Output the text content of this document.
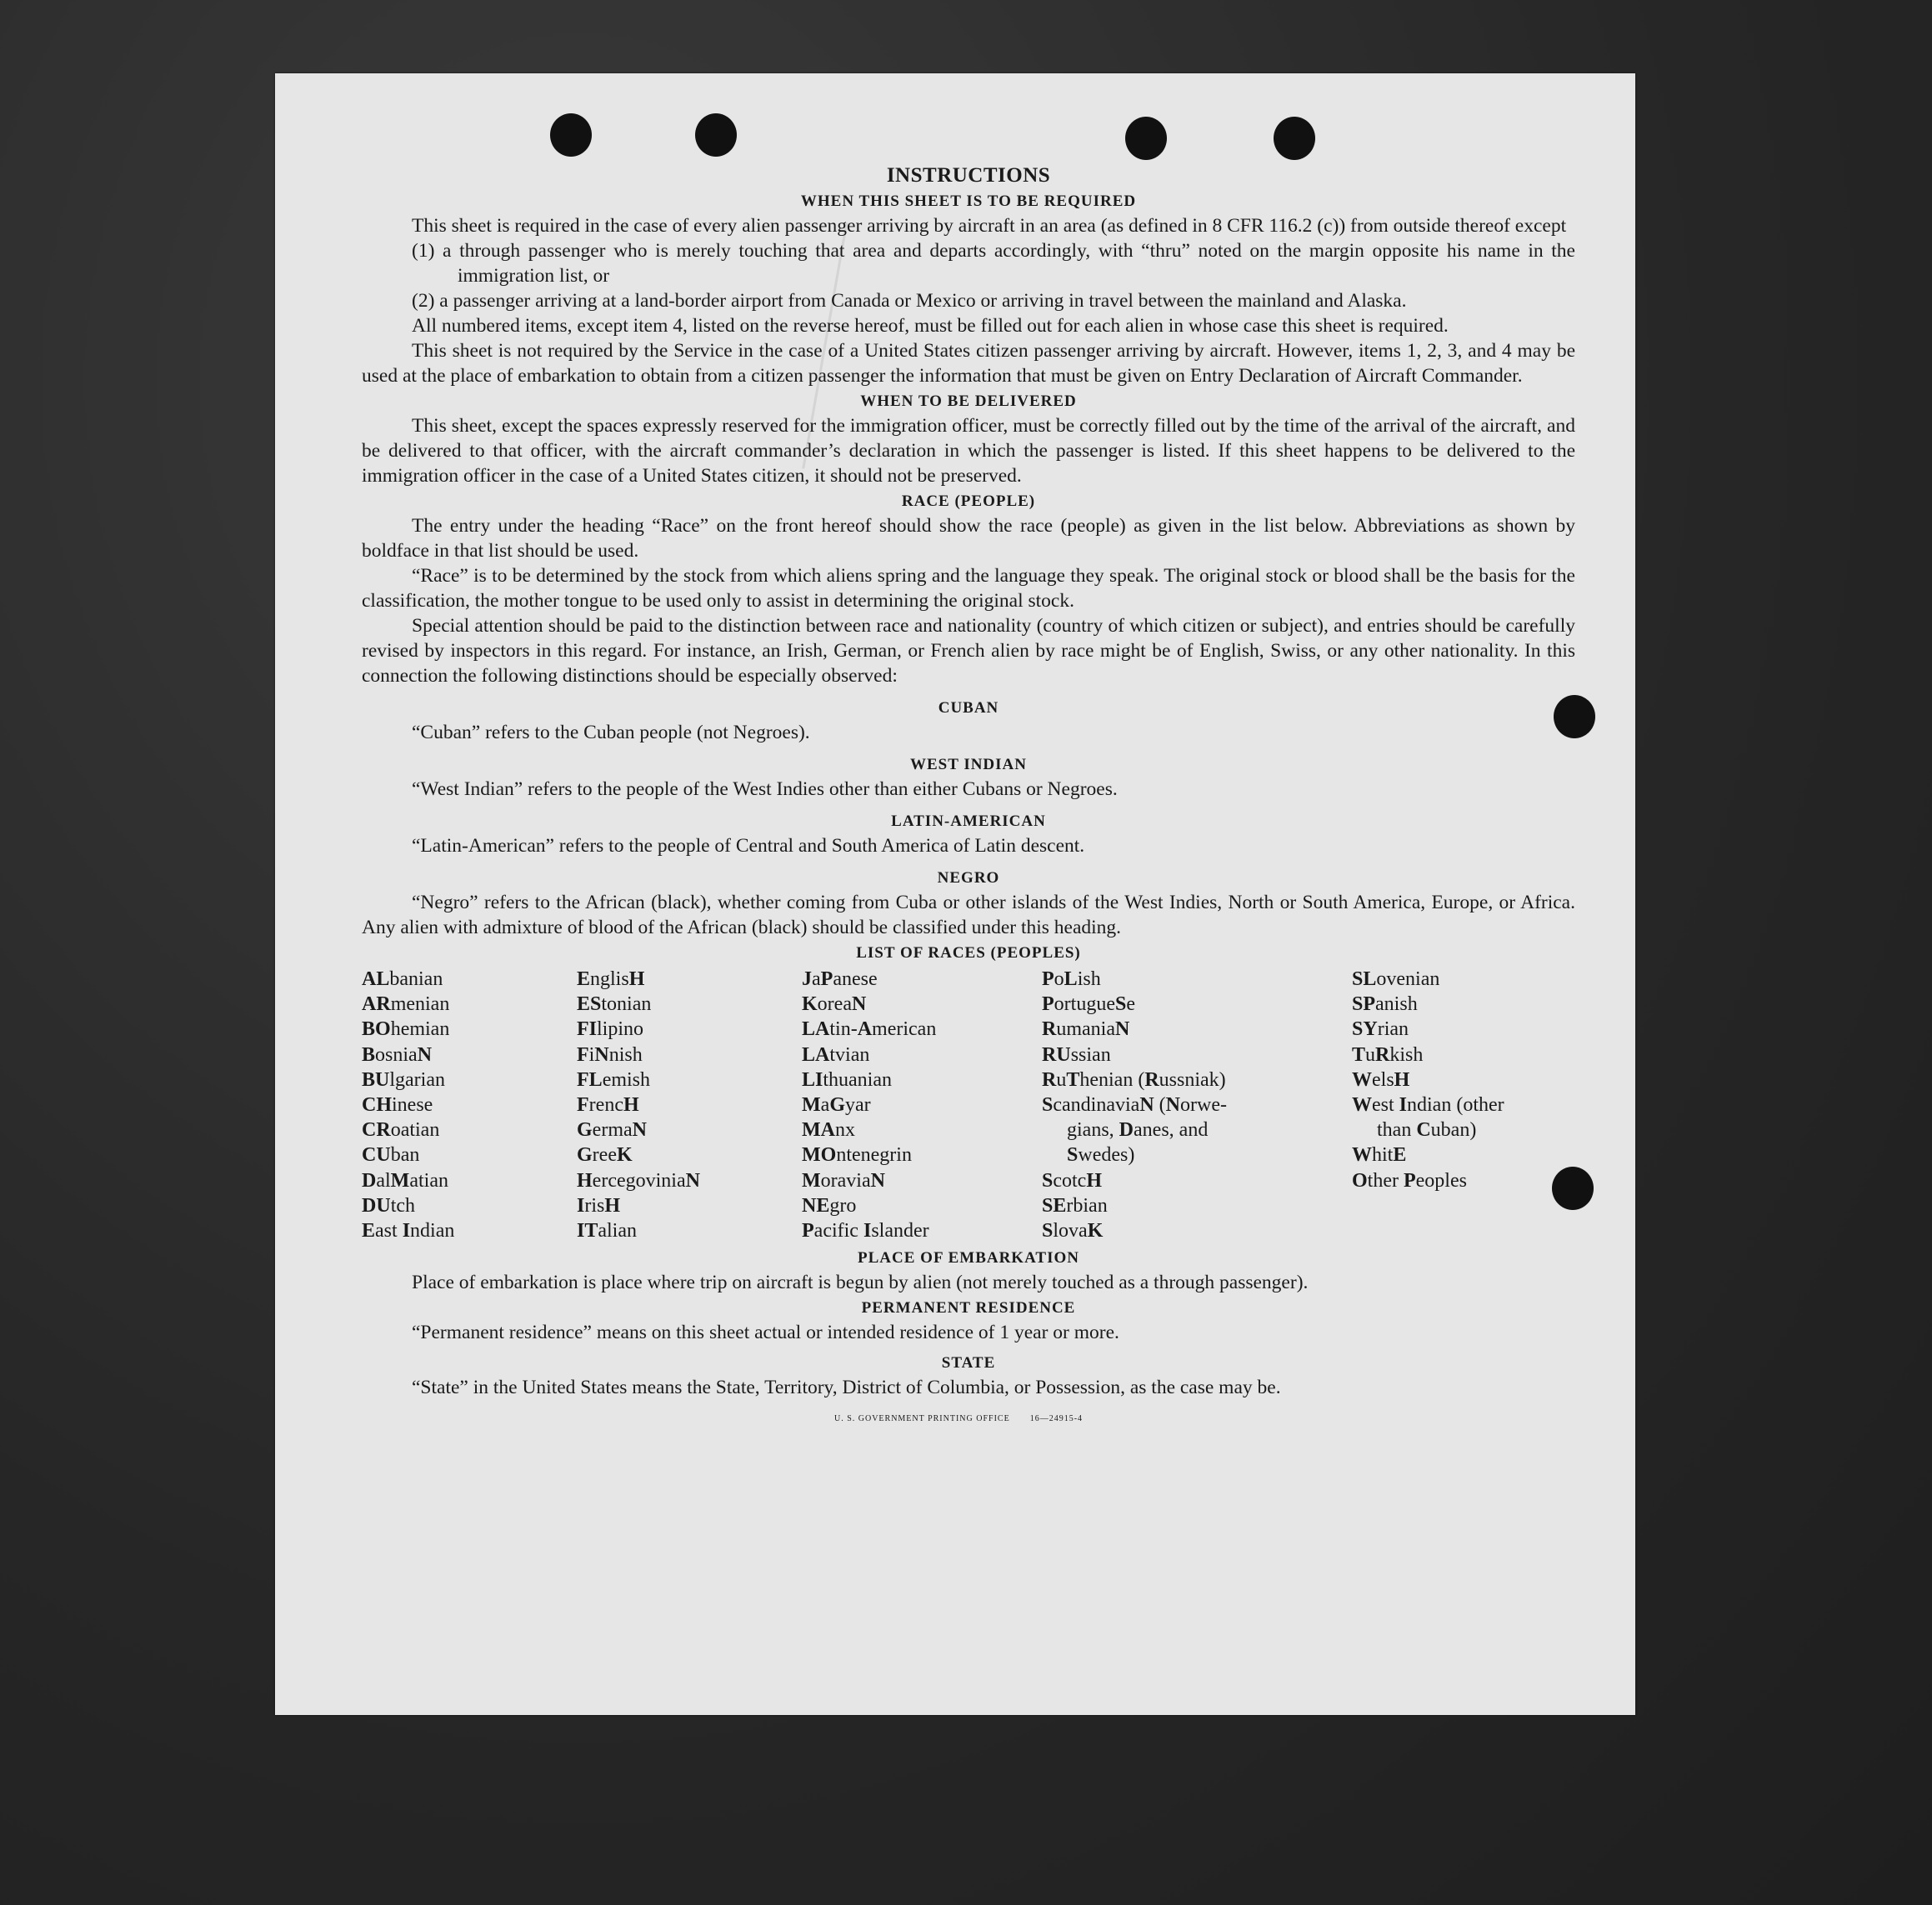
INSTRUCTIONS
WHEN THIS SHEET IS TO BE REQUIRED

This sheet is required in the case of every alien passenger arriving by aircraft in an area (as defined in 8 CFR 116.2 (c)) from outside thereof except

(1) a through passenger who is merely touching that area and departs accordingly, with “thru” noted on the margin opposite his name in the immigration list, or

(2) a passenger arriving at a land-border airport from Canada or Mexico or arriving in travel between the mainland and Alaska.

All numbered items, except item 4, listed on the reverse hereof, must be filled out for each alien in whose case this sheet is required.

This sheet is not required by the Service in the case of a United States citizen passenger arriving by aircraft. However, items 1, 2, 3, and 4 may be used at the place of embarkation to obtain from a citizen passenger the information that must be given on Entry Declaration of Aircraft Commander.

WHEN TO BE DELIVERED

This sheet, except the spaces expressly reserved for the immigration officer, must be correctly filled out by the time of the arrival of the aircraft, and be delivered to that officer, with the aircraft commander’s declaration in which the passenger is listed. If this sheet happens to be delivered to the immigration officer in the case of a United States citizen, it should not be preserved.

RACE (PEOPLE)

The entry under the heading “Race” on the front hereof should show the race (people) as given in the list below. Abbreviations as shown by boldface in that list should be used.

“Race” is to be determined by the stock from which aliens spring and the language they speak. The original stock or blood shall be the basis for the classification, the mother tongue to be used only to assist in determining the original stock.

Special attention should be paid to the distinction between race and nationality (country of which citizen or subject), and entries should be carefully revised by inspectors in this regard. For instance, an Irish, German, or French alien by race might be of English, Swiss, or any other nationality. In this connection the following distinctions should be especially observed:

CUBAN

“Cuban” refers to the Cuban people (not Negroes).

WEST INDIAN

“West Indian” refers to the people of the West Indies other than either Cubans or Negroes.

LATIN-AMERICAN

“Latin-American” refers to the people of Central and South America of Latin descent.

NEGRO

“Negro” refers to the African (black), whether coming from Cuba or other islands of the West Indies, North or South America, Europe, or Africa. Any alien with admixture of blood of the African (black) should be classified under this heading.

LIST OF RACES (PEOPLES)
ALbanian
ARmenian
BOhemian
BosniaN
BUlgarian
CHinese
CRoatian
CUban
DalMatian
DUtch
East Indian
EnglisH
EStonian
FIlipino
FiNnish
FLemish
FrencH
GermaN
GreeK
HercegoviniaN
IrisH
ITalian
JaPanese
KoreaN
LAtin-American
LAtvian
LIthuanian
MaGyar
MAnx
MOntenegrin
MoraviaN
NEgro
Pacific Islander
PoLish
PortugueSe
RumaniaN
RUssian
RuThenian (Russniak)
ScandinaviaN (Norwe-
gians, Danes, and
Swedes)
ScotcH
SErbian
SlovaK
SLovenian
SPanish
SYrian
TuRkish
WelsH
West Indian (other
than Cuban)
WhitE
Other Peoples
PLACE OF EMBARKATION

Place of embarkation is place where trip on aircraft is begun by alien (not merely touched as a through passenger).

PERMANENT RESIDENCE

“Permanent residence” means on this sheet actual or intended residence of 1 year or more.

STATE

“State” in the United States means the State, Territory, District of Columbia, or Possession, as the case may be.

U. S. GOVERNMENT PRINTING OFFICE 16—24915-4
